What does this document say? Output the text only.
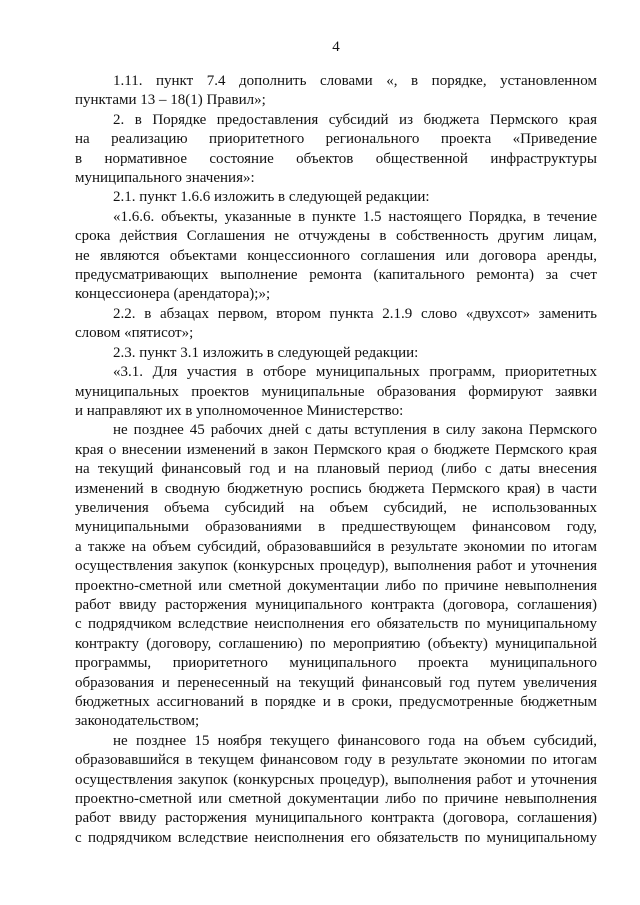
4
1.11. пункт 7.4 дополнить словами «, в порядке, установленном
пунктами 13 – 18(1) Правил»;
2. в Порядке предоставления субсидий из бюджета Пермского края
на реализацию приоритетного регионального проекта «Приведение
в нормативное состояние объектов общественной инфраструктуры
муниципального значения»:
2.1. пункт 1.6.6 изложить в следующей редакции:
«1.6.6. объекты, указанные в пункте 1.5 настоящего Порядка, в течение
срока действия Соглашения не отчуждены в собственность другим лицам,
не являются объектами концессионного соглашения или договора аренды,
предусматривающих выполнение ремонта (капитального ремонта) за счет
концессионера (арендатора);»;
2.2. в абзацах первом, втором пункта 2.1.9 слово «двухсот» заменить
словом «пятисот»;
2.3. пункт 3.1 изложить в следующей редакции:
«3.1. Для участия в отборе муниципальных программ, приоритетных
муниципальных проектов муниципальные образования формируют заявки
и направляют их в уполномоченное Министерство:
не позднее 45 рабочих дней с даты вступления в силу закона Пермского
края о внесении изменений в закон Пермского края о бюджете Пермского края
на текущий финансовый год и на плановый период (либо с даты внесения
изменений в сводную бюджетную роспись бюджета Пермского края) в части
увеличения объема субсидий на объем субсидий, не использованных
муниципальными образованиями в предшествующем финансовом году,
а также на объем субсидий, образовавшийся в результате экономии по итогам
осуществления закупок (конкурсных процедур), выполнения работ и уточнения
проектно-сметной или сметной документации либо по причине невыполнения
работ ввиду расторжения муниципального контракта (договора, соглашения)
с подрядчиком вследствие неисполнения его обязательств по муниципальному
контракту (договору, соглашению) по мероприятию (объекту) муниципальной
программы, приоритетного муниципального проекта муниципального
образования и перенесенный на текущий финансовый год путем увеличения
бюджетных ассигнований в порядке и в сроки, предусмотренные бюджетным
законодательством;
не позднее 15 ноября текущего финансового года на объем субсидий,
образовавшийся в текущем финансовом году в результате экономии по итогам
осуществления закупок (конкурсных процедур), выполнения работ и уточнения
проектно-сметной или сметной документации либо по причине невыполнения
работ ввиду расторжения муниципального контракта (договора, соглашения)
с подрядчиком вследствие неисполнения его обязательств по муниципальному
